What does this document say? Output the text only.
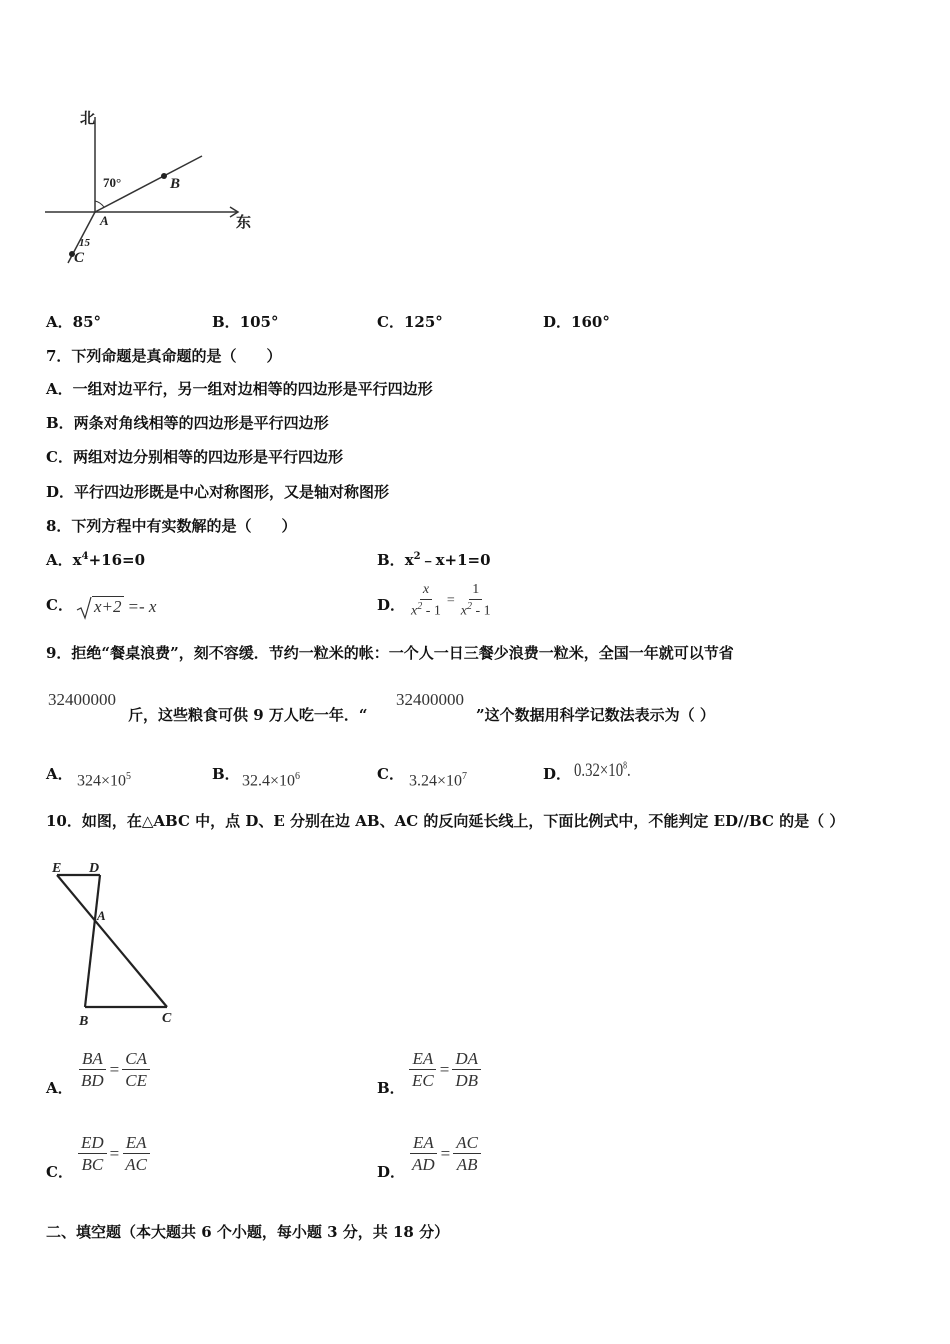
北
东
70°
15
A
B
C
A．85°	B．105°	C．125°	D．160°
7．下列命题是真命题的是（　　）
A．一组对边平行，另一组对边相等的四边形是平行四边形
B．两条对角线相等的四边形是平行四边形
C．两组对边分别相等的四边形是平行四边形
D．平行四边形既是中心对称图形，又是轴对称图形
8．下列方程中有实数解的是（　　）
A．$x^4+16=0$	B．$x^2﹣x+1=0$
C．	x+2 =- x	D． $\frac{x}{x^2 - 1} = \frac{1}{x^2 - 1}$
9．拒绝“餐桌浪费”，刻不容缓．节约一粒米的帐：一个人一日三餐少浪费一粒米，全国一年就可以节省
32400000
斤，这些粮食可供 9 万人吃一年．“
32400000
”这个数据用科学记数法表示为（ ）
A． $324\times 10^5$	B． $32.4\times 10^6$	C． $3.24\times 10^7$	D． $0.32\times 10^8$.
10．如图，在△ABC 中，点 D、E 分别在边 AB、AC 的反向延长线上，下面比例式中，不能判定 ED//BC 的是（ ）
E D
A
B	C
A． $\frac{BA}{BD} = \frac{CA}{CE}$	B． $\frac{EA}{EC} = \frac{DA}{DB}$
C． $\frac{ED}{BC} = \frac{EA}{AC}$	D． $\frac{EA}{AD} = \frac{AC}{AB}$
二、填空题（本大题共 6 个小题，每小题 3 分，共 18 分）
